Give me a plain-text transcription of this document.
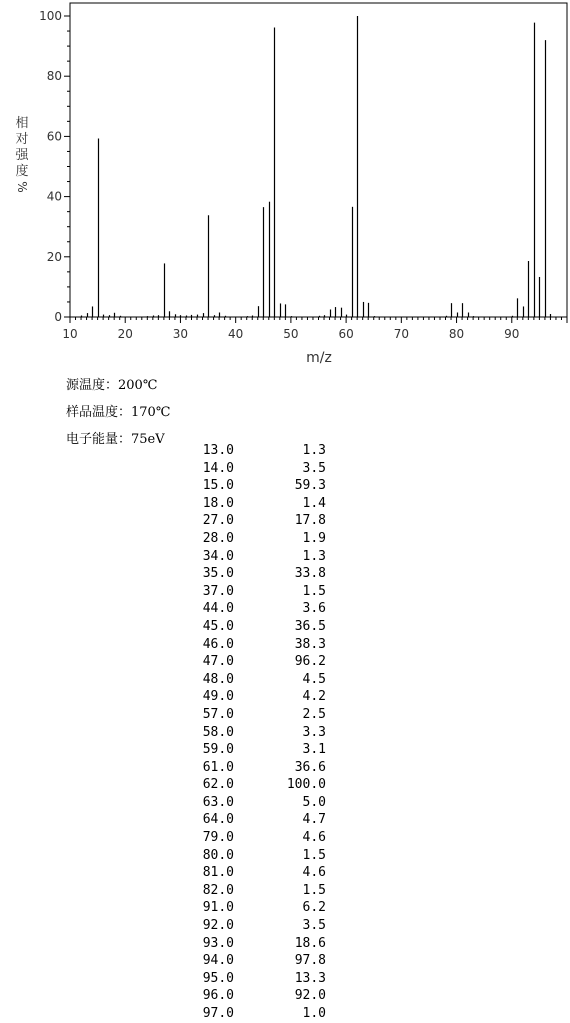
0
20
40
60
80
100
10	20	30	40	50	60	70	80	90
m/z
相
对
强
度
%
源温度：200℃
样品温度：170℃
电子能量：75eV
13.0	1.3
14.0	3.5
15.0	59.3
18.0	1.4
27.0	17.8
28.0	1.9
34.0	1.3
35.0	33.8
37.0	1.5
44.0	3.6
45.0	36.5
46.0	38.3
47.0	96.2
48.0	4.5
49.0	4.2
57.0	2.5
58.0	3.3
59.0	3.1
61.0	36.6
62.0	100.0
63.0	5.0
64.0	4.7
79.0	4.6
80.0	1.5
81.0	4.6
82.0	1.5
91.0	6.2
92.0	3.5
93.0	18.6
94.0	97.8
95.0	13.3
96.0	92.0
97.0	1.0
